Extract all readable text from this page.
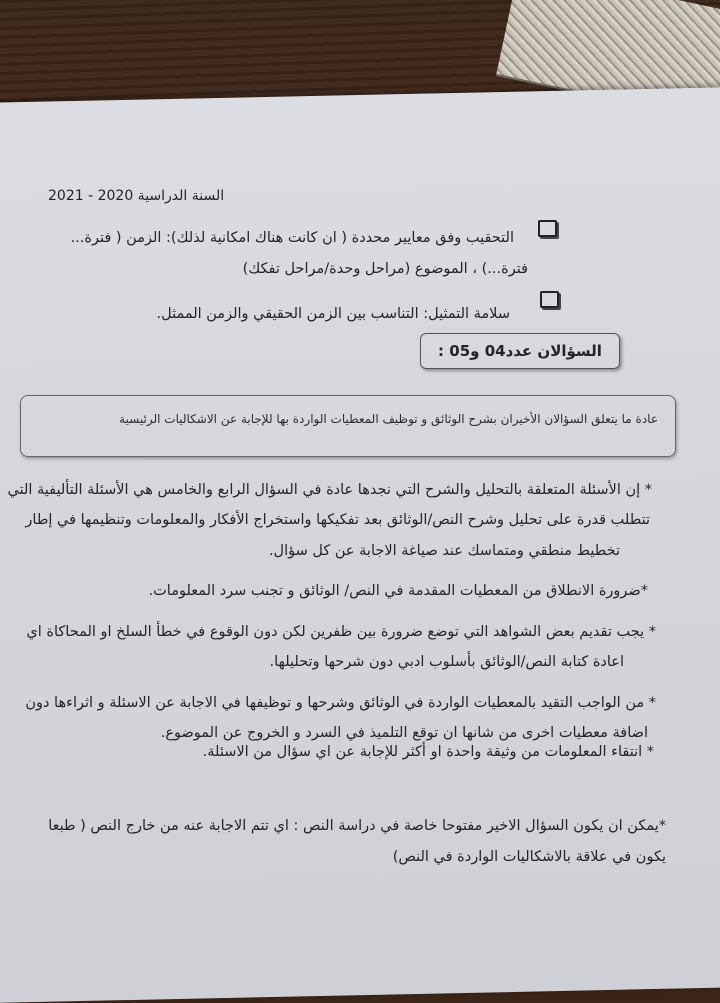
السنة الدراسية 2020 - 2021
التحقيب وفق معايير محددة ( ان كانت هناك امكانية لذلك): الزمن ( فترة...
فترة...) ، الموضوع (مراحل وحدة/مراحل تفكك)
سلامة التمثيل: التناسب بين الزمن الحقيقي والزمن الممثل.
السؤالان عدد04 و05 :
عادة ما يتعلق السؤالان الأخيران بشرح الوثائق و توظيف المعطيات الواردة بها للإجابة عن الاشكاليات الرئيسية
* إن الأسئلة المتعلقة بالتحليل والشرح التي نجدها عادة في السؤال الرابع والخامس هي الأسئلة التأليفية التي
تتطلب قدرة على تحليل وشرح النص/الوثائق بعد تفكيكها واستخراج الأفكار والمعلومات وتنظيمها في إطار
تخطيط منطقي ومتماسك عند صياغة الاجابة عن كل سؤال.
*ضرورة الانطلاق من المعطيات المقدمة في النص/ الوثائق و تجنب سرد المعلومات.
* يجب تقديم بعض الشواهد التي توضع ضرورة بين ظفرين لكن دون الوقوع في خطأ السلخ او المحاكاة اي
اعادة كتابة النص/الوثائق بأسلوب ادبي دون شرحها وتحليلها.
* من الواجب التقيد بالمعطيات الواردة في الوثائق وشرحها و توظيفها في الاجابة عن الاسئلة و اثراءها دون
اضافة معطيات اخرى من شانها ان توقع التلميذ في السرد و الخروج عن الموضوع.
* انتقاء المعلومات من وثيقة واحدة او أكثر للإجابة عن اي سؤال من الاسئلة.
*يمكن ان يكون السؤال الاخير مفتوحا خاصة في دراسة النص : اي تتم الاجابة عنه من خارج النص ( طبعا
يكون في علاقة بالاشكاليات الواردة في النص)
